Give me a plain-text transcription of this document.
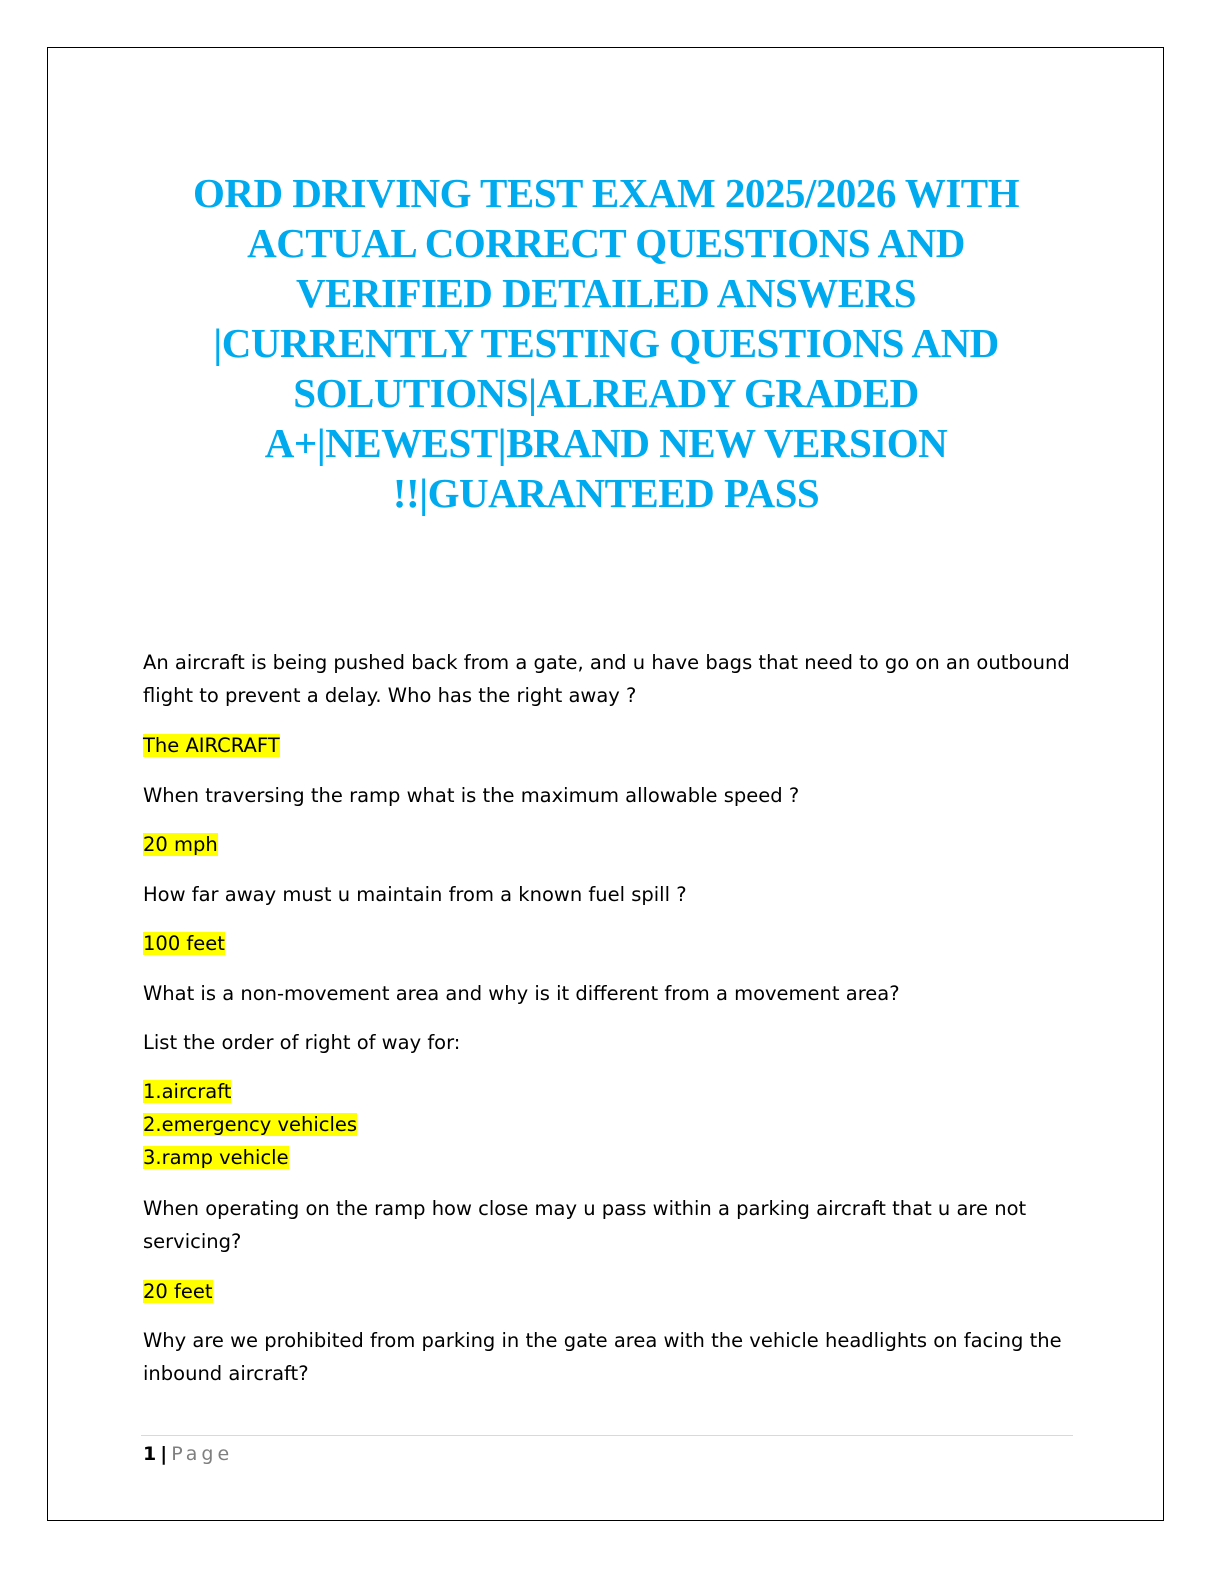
ORD DRIVING TEST EXAM 2025/2026 WITH
ACTUAL CORRECT QUESTIONS AND
VERIFIED DETAILED ANSWERS
|CURRENTLY TESTING QUESTIONS AND
SOLUTIONS|ALREADY GRADED
A+|NEWEST|BRAND NEW VERSION
!!|GUARANTEED PASS
An aircraft is being pushed back from a gate, and u have bags that need to go on an outbound
flight to prevent a delay. Who has the right away ?
The AIRCRAFT
When traversing the ramp what is the maximum allowable speed ?
20 mph
How far away must u maintain from a known fuel spill ?
100 feet
What is a non-movement area and why is it different from a movement area?
List the order of right of way for:
1.aircraft
2.emergency vehicles
3.ramp vehicle
When operating on the ramp how close may u pass within a parking aircraft that u are not
servicing?
20 feet
Why are we prohibited from parking in the gate area with the vehicle headlights on facing the
inbound aircraft?
1 | Page
